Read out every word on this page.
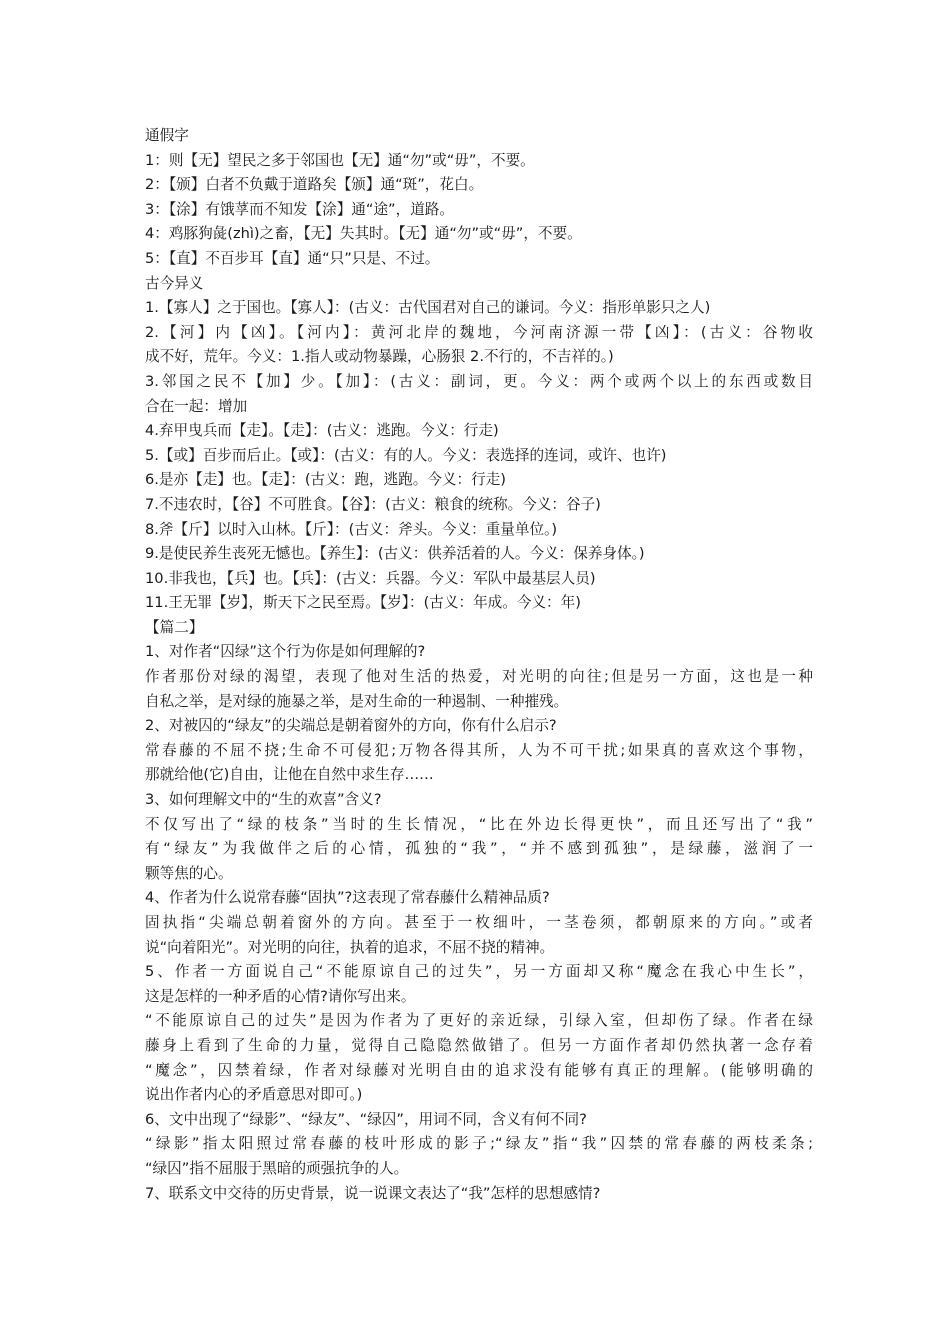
通假字

1：则【无】望民之多于邻国也【无】通“勿”或“毋”，不要。

2：【颁】白者不负戴于道路矣【颁】通“斑”，花白。

3：【涂】有饿莩而不知发【涂】通“途”，道路。

4：鸡豚狗彘(zhì)之畜，【无】失其时。【无】通“勿”或“毋”，不要。

5：【直】不百步耳【直】通“只”只是、不过。

古今异义

1.【寡人】之于国也。【寡人】：(古义：古代国君对自己的谦词。今义：指形单影只之人)

2.【河】内【凶】。【河内】：黄河北岸的魏地，今河南济源一带【凶】：(古义：谷物收

成不好，荒年。今义：1.指人或动物暴躁，心肠狠 2.不行的，不吉祥的。)

3.邻国之民不【加】少。【加】：(古义：副词，更。今义：两个或两个以上的东西或数目

合在一起：增加

4.弃甲曳兵而【走】。【走】：(古义：逃跑。今义：行走)

5.【或】百步而后止。【或】：(古义：有的人。今义：表选择的连词，或许、也许)

6.是亦【走】也。【走】：(古义：跑，逃跑。今义：行走)

7.不违农时，【谷】不可胜食。【谷】：(古义：粮食的统称。今义：谷子)

8.斧【斤】以时入山林。【斤】：(古义：斧头。今义：重量单位。)

9.是使民养生丧死无憾也。【养生】：(古义：供养活着的人。今义：保养身体。)

10.非我也，【兵】也。【兵】：(古义：兵器。今义：军队中最基层人员)

11.王无罪【岁】，斯天下之民至焉。【岁】：(古义：年成。今义：年)

【篇二】

1、对作者“囚绿”这个行为你是如何理解的?

作者那份对绿的渴望，表现了他对生活的热爱，对光明的向往;但是另一方面，这也是一种

自私之举，是对绿的施暴之举，是对生命的一种遏制、一种摧残。

2、对被囚的“绿友”的尖端总是朝着窗外的方向，你有什么启示?

常春藤的不屈不挠;生命不可侵犯;万物各得其所，人为不可干扰;如果真的喜欢这个事物，

那就给他(它)自由，让他在自然中求生存……

3、如何理解文中的“生的欢喜”含义?

不仅写出了“绿的枝条”当时的生长情况，“比在外边长得更快”，而且还写出了“我”

有“绿友”为我做伴之后的心情，孤独的“我”，“并不感到孤独”，是绿藤，滋润了一

颗等焦的心。

4、作者为什么说常春藤“固执”?这表现了常春藤什么精神品质?

固执指“尖端总朝着窗外的方向。甚至于一枚细叶，一茎卷须，都朝原来的方向。”或者

说“向着阳光”。对光明的向往，执着的追求，不屈不挠的精神。

5、作者一方面说自己“不能原谅自己的过失”，另一方面却又称“魔念在我心中生长”，

这是怎样的一种矛盾的心情?请你写出来。

“不能原谅自己的过失”是因为作者为了更好的亲近绿，引绿入室，但却伤了绿。作者在绿

藤身上看到了生命的力量，觉得自己隐隐然做错了。但另一方面作者却仍然执著一念存着

“魔念”，囚禁着绿，作者对绿藤对光明自由的追求没有能够有真正的理解。(能够明确的

说出作者内心的矛盾意思对即可。)

6、文中出现了“绿影”、“绿友”、“绿囚”，用词不同，含义有何不同?

“绿影”指太阳照过常春藤的枝叶形成的影子;“绿友”指“我”囚禁的常春藤的两枝柔条;

“绿囚”指不屈服于黑暗的顽强抗争的人。

7、联系文中交待的历史背景，说一说课文表达了“我”怎样的思想感情?
